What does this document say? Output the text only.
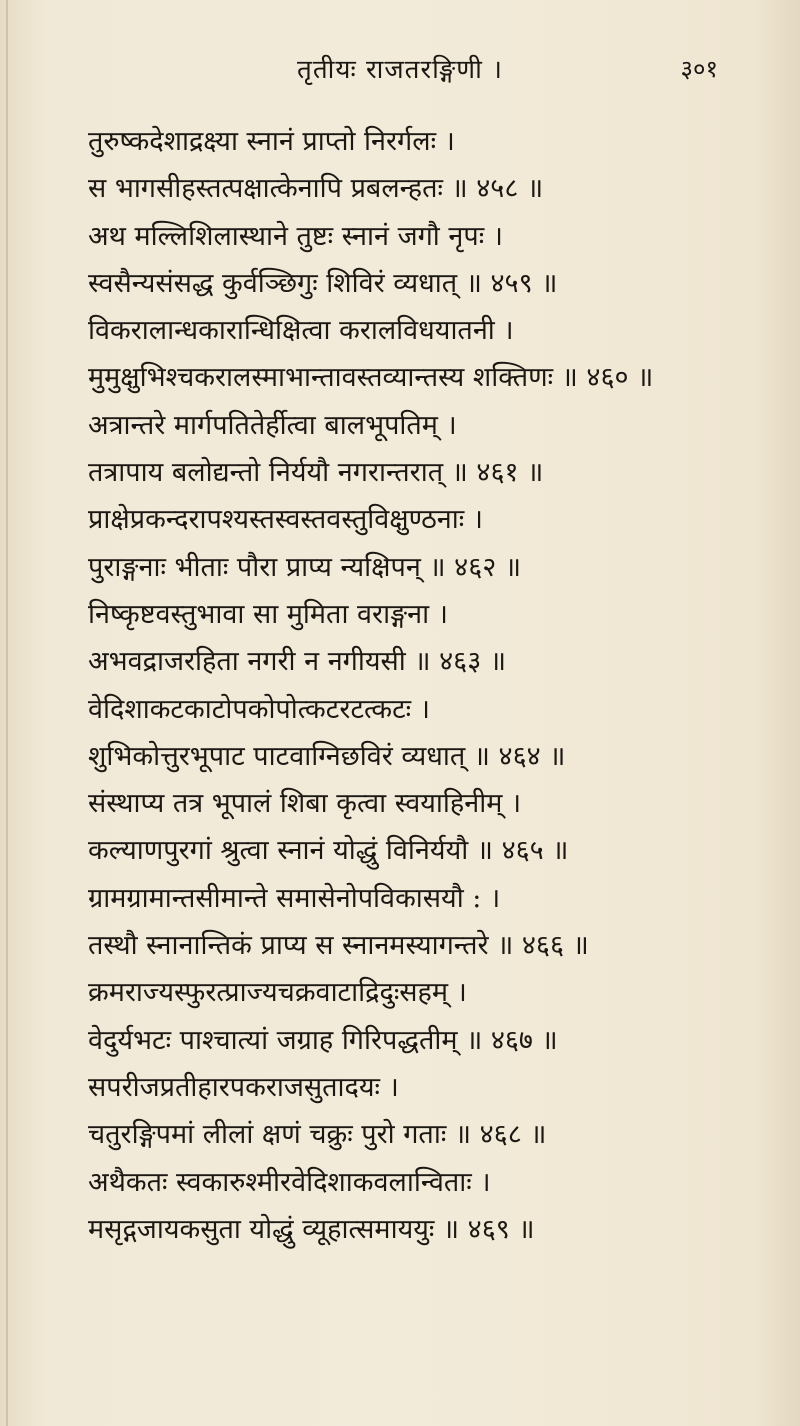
तृतीयः राजतरङ्गिणी ।	३०१
तुरुष्कदेशाद्रक्ष्या स्नानं प्राप्तो निरर्गलः ।
स भागसीहस्तत्पक्षात्केनापि प्रबलन्हतः ॥ ४५८ ॥
अथ मल्लिशिलास्थाने तुष्टः स्नानं जगौ नृपः ।
स्वसैन्यसंसद्ध कुर्वञ्छिगुः शिविरं व्यधात् ॥ ४५९ ॥
विकरालान्धकारान्धिक्षित्वा करालविधयातनी ।
मुमुक्षुभिश्चकरालस्माभान्तावस्तव्यान्तस्य शक्तिणः ॥ ४६० ॥
अत्रान्तरे मार्गपतितेर्हीत्वा बालभूपतिम् ।
तत्रापाय बलोद्यन्तो निर्ययौ नगरान्तरात् ॥ ४६१ ॥
प्राक्षेप्रकन्दरापश्यस्तस्वस्तवस्तुविक्षुण्ठनाः ।
पुराङ्गनाः भीताः पौरा प्राप्य न्यक्षिपन् ॥ ४६२ ॥
निष्कृष्टवस्तुभावा सा मुमिता वराङ्गना ।
अभवद्राजरहिता नगरी न नगीयसी ॥ ४६३ ॥
वेदिशाकटकाटोपकोपोत्कटरटत्कटः ।
शुभिकोत्तुरभूपाट पाटवाग्निछविरं व्यधात् ॥ ४६४ ॥
संस्थाप्य तत्र भूपालं शिबा कृत्वा स्वयाहिनीम् ।
कल्याणपुरगां श्रुत्वा स्नानं योद्धुं विनिर्ययौ ॥ ४६५ ॥
ग्रामग्रामान्तसीमान्ते समासेनोपविकासयौ : ।
तस्थौ स्नानान्तिकं प्राप्य स स्नानमस्यागन्तरे ॥ ४६६ ॥
क्रमराज्यस्फुरत्प्राज्यचक्रवाटाद्रिदुःसहम् ।
वेदुर्यभटः पाश्चात्यां जग्राह गिरिपद्धतीम् ॥ ४६७ ॥
सपरीजप्रतीहारपकराजसुतादयः ।
चतुरङ्गिपमां लीलां क्षणं चक्रुः पुरो गताः ॥ ४६८ ॥
अथैकतः स्वकारुश्मीरवेदिशाकवलान्विताः ।
मसृद्गजायकसुता योद्धुं व्यूहात्समाययुः ॥ ४६९ ॥
